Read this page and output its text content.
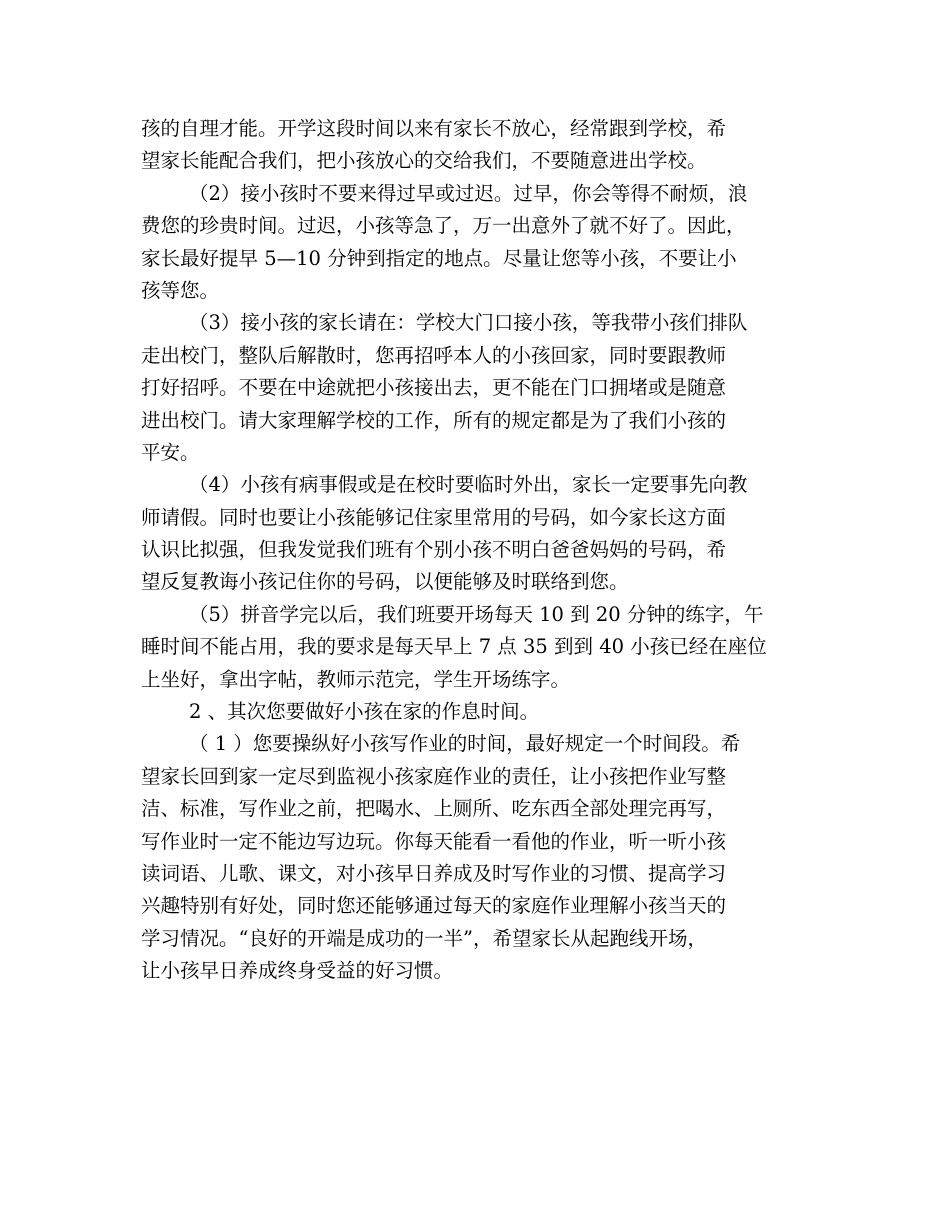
孩的自理才能。开学这段时间以来有家长不放心，经常跟到学校，希
望家长能配合我们，把小孩放心的交给我们，不要随意进出学校。
（2）接小孩时不要来得过早或过迟。过早，你会等得不耐烦，浪
费您的珍贵时间。过迟，小孩等急了，万一出意外了就不好了。因此，
家长最好提早 5—10 分钟到指定的地点。尽量让您等小孩，不要让小
孩等您。
（3）接小孩的家长请在：学校大门口接小孩，等我带小孩们排队
走出校门，整队后解散时，您再招呼本人的小孩回家，同时要跟教师
打好招呼。不要在中途就把小孩接出去，更不能在门口拥堵或是随意
进出校门。请大家理解学校的工作，所有的规定都是为了我们小孩的
平安。
（4）小孩有病事假或是在校时要临时外出，家长一定要事先向教
师请假。同时也要让小孩能够记住家里常用的号码，如今家长这方面
认识比拟强，但我发觉我们班有个别小孩不明白爸爸妈妈的号码，希
望反复教诲小孩记住你的号码，以便能够及时联络到您。
（5）拼音学完以后，我们班要开场每天 10 到 20 分钟的练字，午
睡时间不能占用，我的要求是每天早上 7 点 35 到到 40 小孩已经在座位
上坐好，拿出字帖，教师示范完，学生开场练字。
2 、其次您要做好小孩在家的作息时间。
（ 1 ）您要操纵好小孩写作业的时间，最好规定一个时间段。希
望家长回到家一定尽到监视小孩家庭作业的责任，让小孩把作业写整
洁、标准，写作业之前，把喝水、上厕所、吃东西全部处理完再写，
写作业时一定不能边写边玩。你每天能看一看他的作业，听一听小孩
读词语、儿歌、课文，对小孩早日养成及时写作业的习惯、提高学习
兴趣特别有好处，同时您还能够通过每天的家庭作业理解小孩当天的
学习情况。“良好的开端是成功的一半”，希望家长从起跑线开场，
让小孩早日养成终身受益的好习惯。
